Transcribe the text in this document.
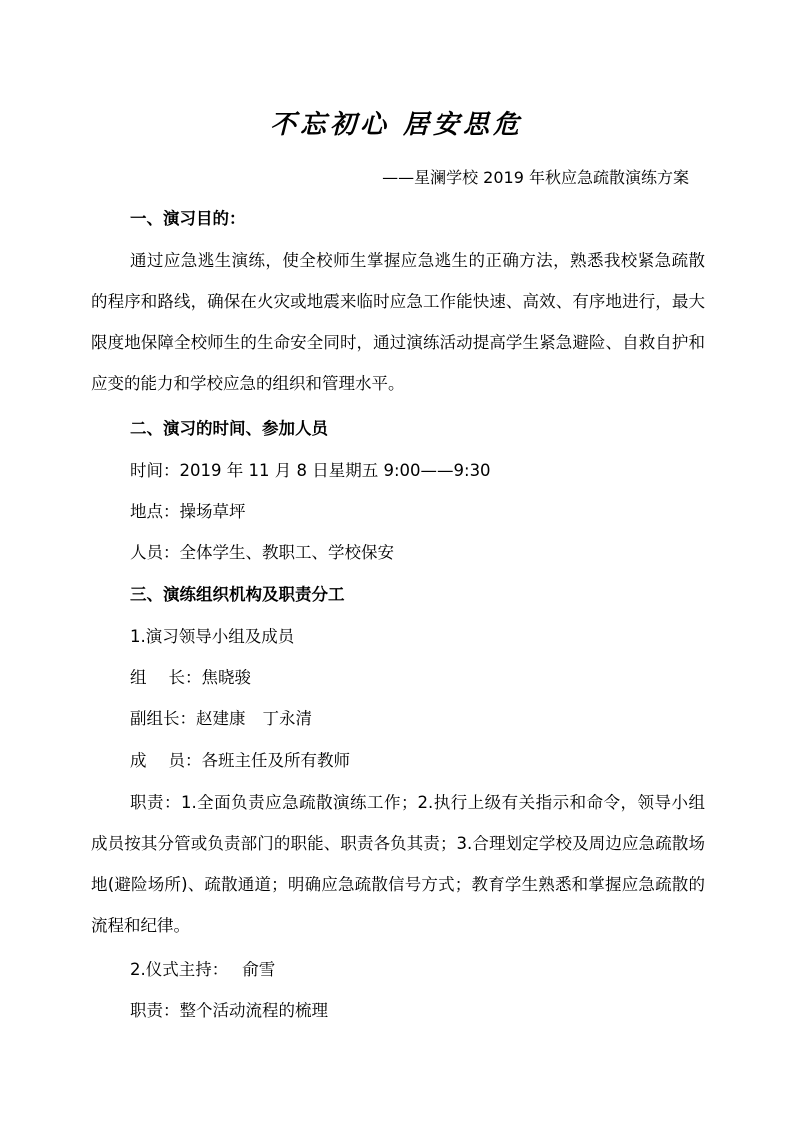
不忘初心 居安思危
——星澜学校 2019 年秋应急疏散演练方案
一、演习目的：

通过应急逃生演练，使全校师生掌握应急逃生的正确方法，熟悉我校紧急疏散的程序和路线，确保在火灾或地震来临时应急工作能快速、高效、有序地进行，最大限度地保障全校师生的生命安全同时，通过演练活动提高学生紧急避险、自救自护和应变的能力和学校应急的组织和管理水平。

二、演习的时间、参加人员
时间：2019 年 11 月 8 日星期五 9:00——9:30
地点：操场草坪
人员：全体学生、教职工、学校保安
三、演练组织机构及职责分工
1.演习领导小组及成员
组 长：焦晓骏
副组长：赵建康 丁永清
成 员：各班主任及所有教师

职责：1.全面负责应急疏散演练工作；2.执行上级有关指示和命令，领导小组成员按其分管或负责部门的职能、职责各负其责；3.合理划定学校及周边应急疏散场地(避险场所)、疏散通道；明确应急疏散信号方式；教育学生熟悉和掌握应急疏散的流程和纪律。

2.仪式主持： 俞雪
职责：整个活动流程的梳理
